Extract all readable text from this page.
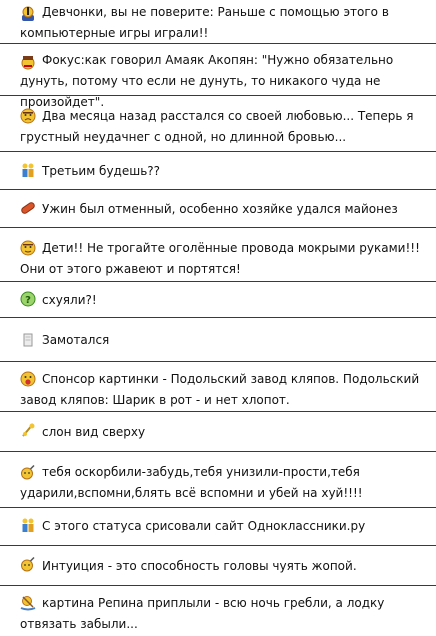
Девчонки, вы не поверите: Раньше с помощью этого в компьютерные игры играли!!
Фокус:как говорил Амаяк Акопян: "Нужно обязательно дунуть, потому что если не дунуть, то никакого чуда не произойдет".
Два месяца назад расстался со своей любовью... Теперь я грустный неудачнег с одной, но длинной бровью...
Третьим будешь??
Ужин был отменный, особенно хозяйке удался майонез
Дети!! Не трогайте оголённые провода мокрыми руками!!! Они от этого ржавеют и портятся!
? схуяли?!
Замотался
Спонсор картинки - Подольский завод кляпов. Подольский завод кляпов: Шарик в рот - и нет хлопот.
слон вид сверху
тебя оскорбили-забудь,тебя унизили-прости,тебя ударили,вспомни,блять всё вспомни и убей на хуй!!!!
С этого статуса срисовали сайт Одноклассники.ру
Интуиция - это способность головы чуять жопой.
картина Репина приплыли - всю ночь гребли, а лодку отвязать забыли...
